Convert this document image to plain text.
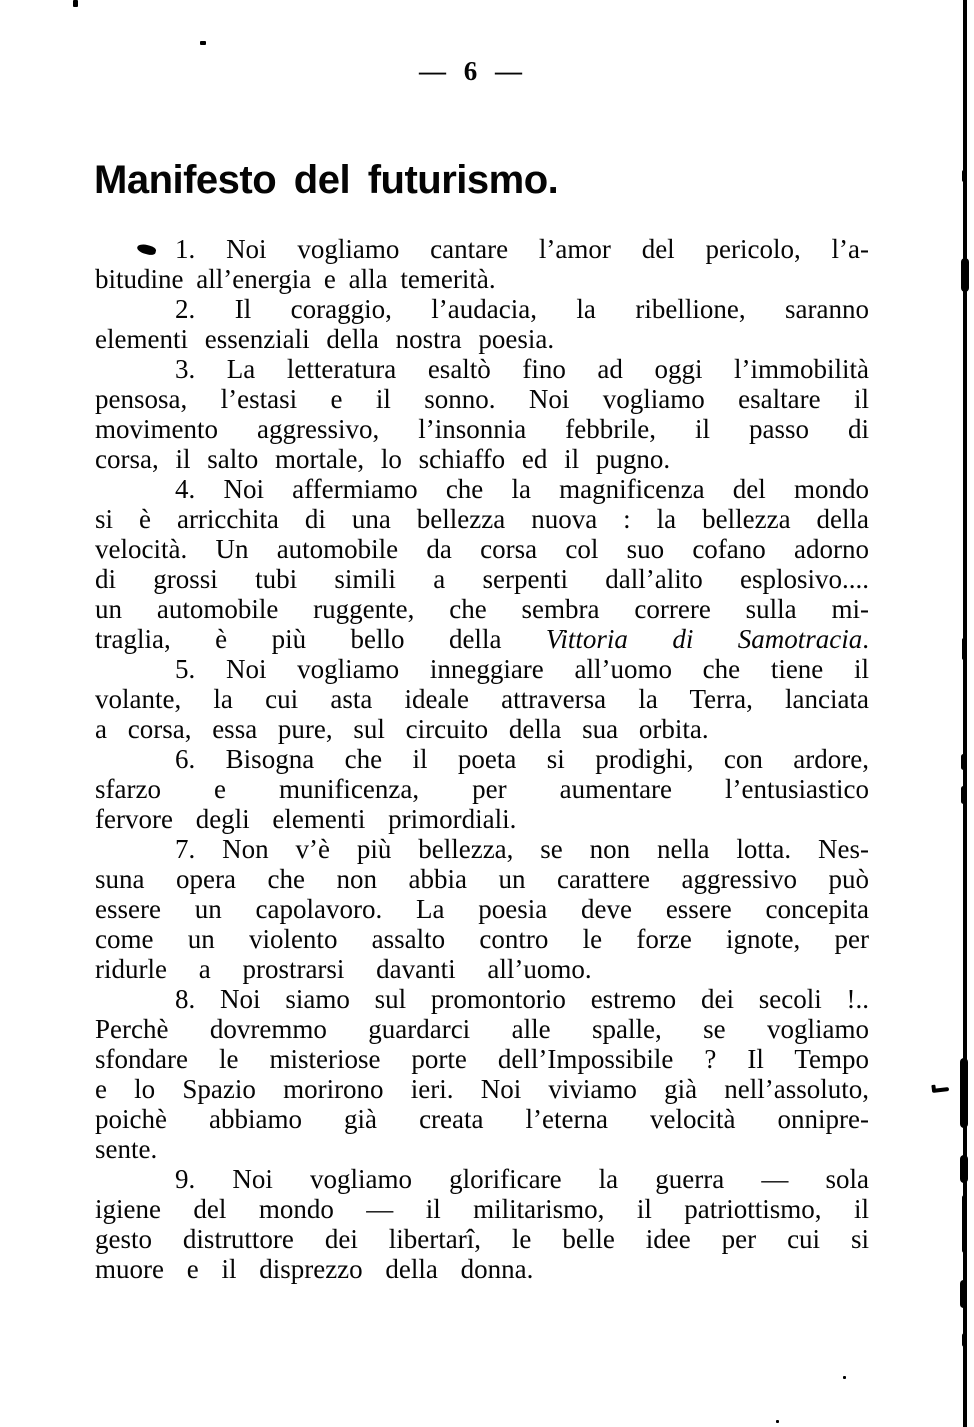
— 6 —
Manifesto del futurismo.
1. Noi vogliamo cantare l’amor del pericolo, l’a-
bitudine all’energia e alla temerità.
2. Il coraggio, l’audacia, la ribellione, saranno
elementi essenziali della nostra poesia.
3. La letteratura esaltò fino ad oggi l’immobilità
pensosa, l’estasi e il sonno. Noi vogliamo esaltare il
movimento aggressivo, l’insonnia febbrile, il passo di
corsa, il salto mortale, lo schiaffo ed il pugno.
4. Noi affermiamo che la magnificenza del mondo
si è arricchita di una bellezza nuova : la bellezza della
velocità. Un automobile da corsa col suo cofano adorno
di grossi tubi simili a serpenti dall’alito esplosivo....
un automobile ruggente, che sembra correre sulla mi-
traglia, è più bello della Vittoria di Samotracia.
5. Noi vogliamo inneggiare all’uomo che tiene il
volante, la cui asta ideale attraversa la Terra, lanciata
a corsa, essa pure, sul circuito della sua orbita.
6. Bisogna che il poeta si prodighi, con ardore,
sfarzo e munificenza, per aumentare l’entusiastico
fervore degli elementi primordiali.
7. Non v’è più bellezza, se non nella lotta. Nes-
suna opera che non abbia un carattere aggressivo può
essere un capolavoro. La poesia deve essere concepita
come un violento assalto contro le forze ignote, per
ridurle a prostrarsi davanti all’uomo.
8. Noi siamo sul promontorio estremo dei secoli !..
Perchè dovremmo guardarci alle spalle, se vogliamo
sfondare le misteriose porte dell’Impossibile ? Il Tempo
e lo Spazio morirono ieri. Noi viviamo già nell’assoluto,
poichè abbiamo già creata l’eterna velocità onnipre-
sente.
9. Noi vogliamo glorificare la guerra — sola
igiene del mondo — il militarismo, il patriottismo, il
gesto distruttore dei libertarî, le belle idee per cui si
muore e il disprezzo della donna.
